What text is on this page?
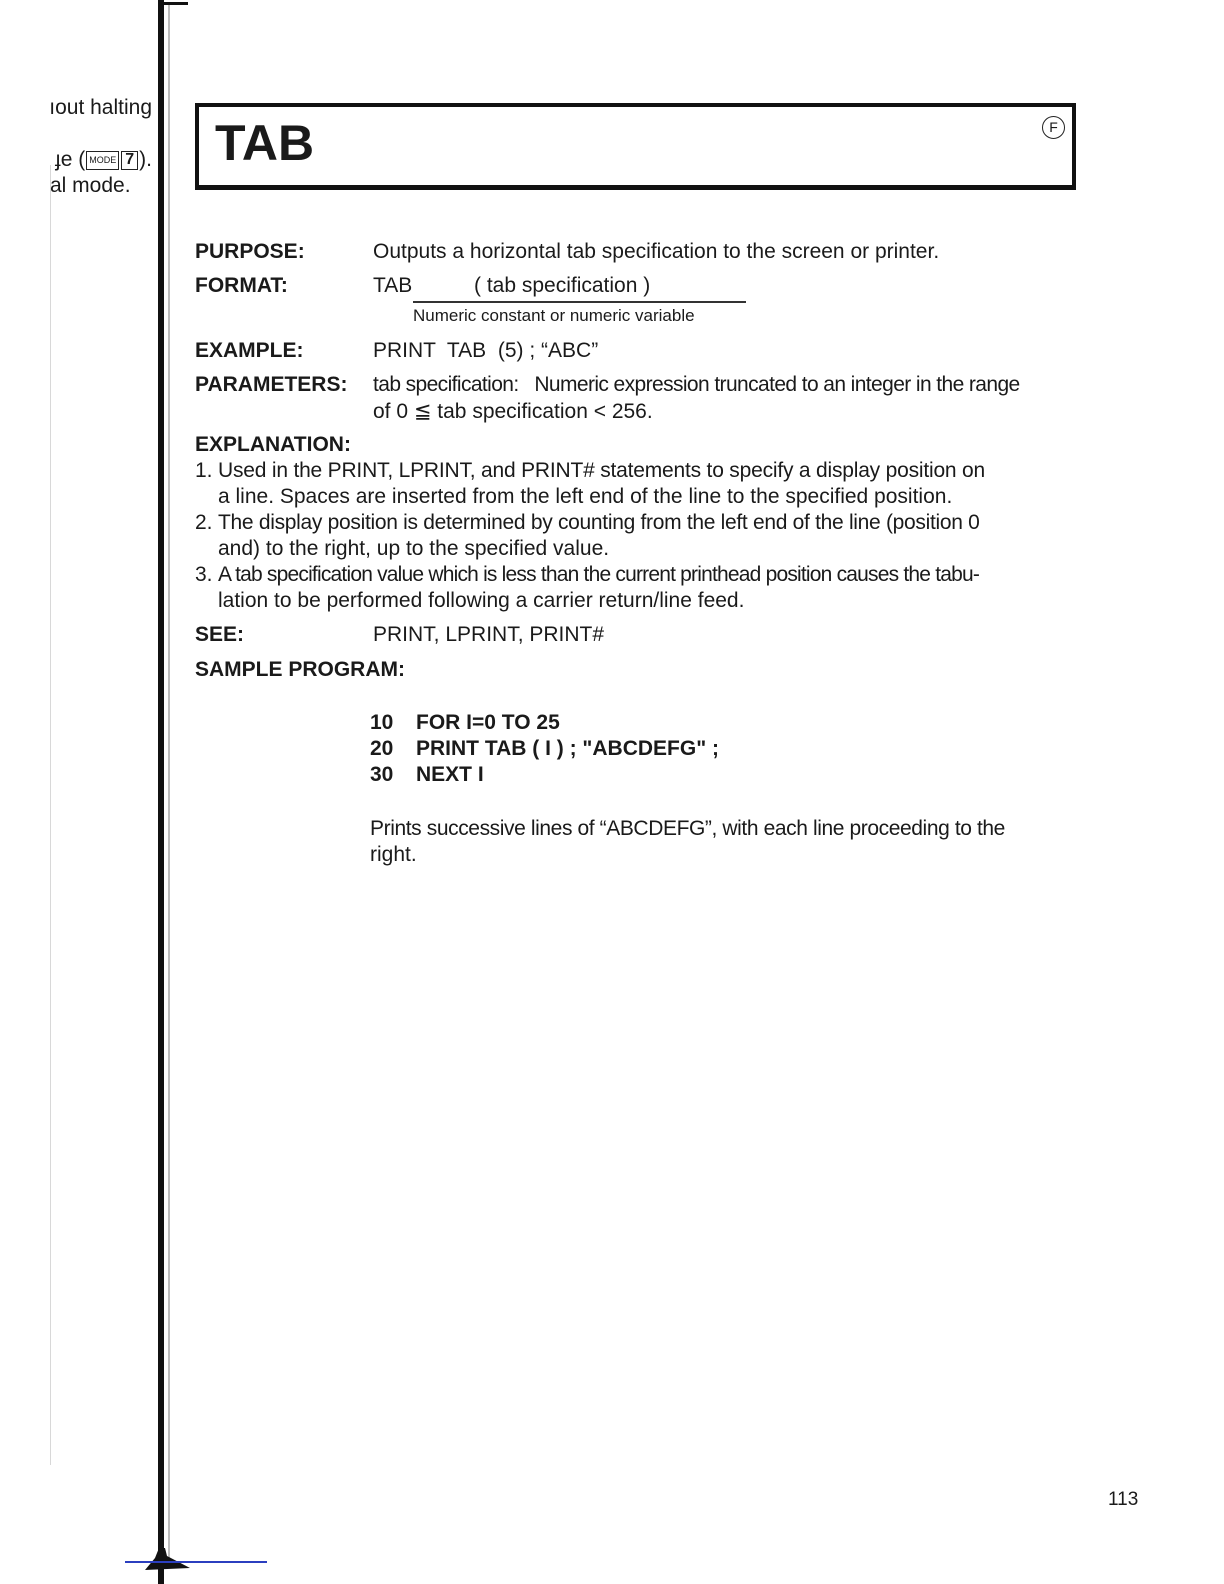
ıout halting
ɟe ( MODE 7 ).
al mode.
TAB	F
PURPOSE:	Outputs a horizontal tab specification to the screen or printer.
FORMAT:	TAB	( tab specification )
Numeric constant or numeric variable
EXAMPLE:	PRINT  TAB  (5) ; “ABC”
PARAMETERS: tab specification:   Numeric expression truncated to an integer in the range
of 0 ≦ tab specification < 256.
EXPLANATION:
1. Used in the PRINT, LPRINT, and PRINT# statements to specify a display position on
a line. Spaces are inserted from the left end of the line to the specified position.
2. The display position is determined by counting from the left end of the line (position 0
and) to the right, up to the specified value.
3. A tab specification value which is less than the current printhead position causes the tabu-
lation to be performed following a carrier return/line feed.
SEE:	PRINT, LPRINT, PRINT#
SAMPLE PROGRAM:
10 FOR I=0 TO 25
20 PRINT TAB ( I ) ; "ABCDEFG" ;
30 NEXT I
Prints successive lines of “ABCDEFG”, with each line proceeding to the
right.
113
